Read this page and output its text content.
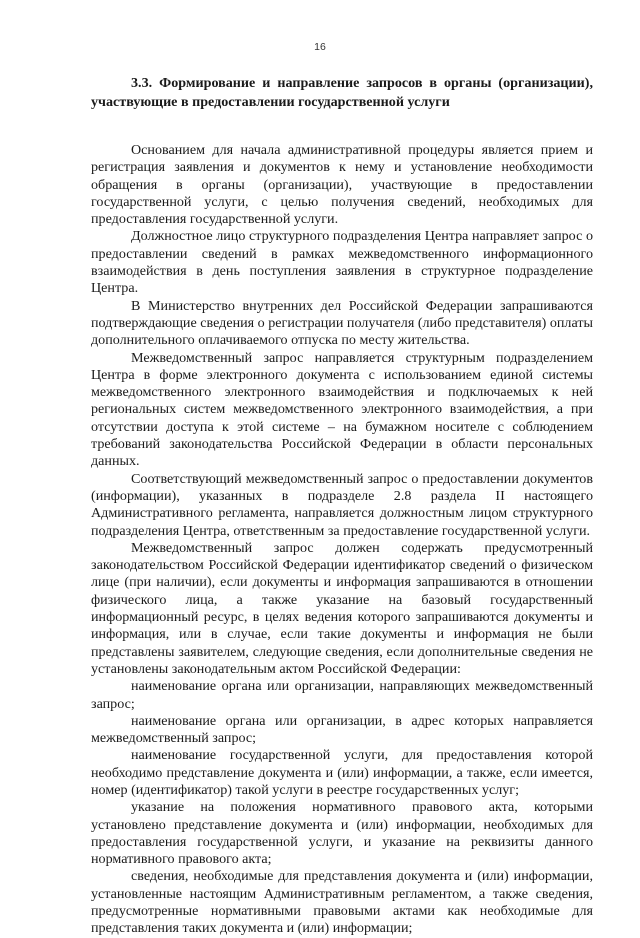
16

3.3. Формирование и направление запросов в органы (организации), участвующие в предоставлении государственной услуги

Основанием для начала административной процедуры является прием и регистрация заявления и документов к нему и установление необходимости обращения в органы (организации), участвующие в предоставлении государственной услуги, с целью получения сведений, необходимых для предоставления государственной услуги.

Должностное лицо структурного подразделения Центра направляет запрос о предоставлении сведений в рамках межведомственного информационного взаимодействия в день поступления заявления в структурное подразделение Центра.

В Министерство внутренних дел Российской Федерации запрашиваются подтверждающие сведения о регистрации получателя (либо представителя) оплаты дополнительного оплачиваемого отпуска по месту жительства.

Межведомственный запрос направляется структурным подразделением Центра в форме электронного документа с использованием единой системы межведомственного электронного взаимодействия и подключаемых к ней региональных систем межведомственного электронного взаимодействия, а при отсутствии доступа к этой системе – на бумажном носителе с соблюдением требований законодательства Российской Федерации в области персональных данных.

Соответствующий межведомственный запрос о предоставлении документов (информации), указанных в подразделе 2.8 раздела II настоящего Административного регламента, направляется должностным лицом структурного подразделения Центра, ответственным за предоставление государственной услуги.

Межведомственный запрос должен содержать предусмотренный законодательством Российской Федерации идентификатор сведений о физическом лице (при наличии), если документы и информация запрашиваются в отношении физического лица, а также указание на базовый государственный информационный ресурс, в целях ведения которого запрашиваются документы и информация, или в случае, если такие документы и информация не были представлены заявителем, следующие сведения, если дополнительные сведения не установлены законодательным актом Российской Федерации:

наименование органа или организации, направляющих межведомственный запрос;

наименование органа или организации, в адрес которых направляется межведомственный запрос;

наименование государственной услуги, для предоставления которой необходимо представление документа и (или) информации, а также, если имеется, номер (идентификатор) такой услуги в реестре государственных услуг;

указание на положения нормативного правового акта, которыми установлено представление документа и (или) информации, необходимых для предоставления государственной услуги, и указание на реквизиты данного нормативного правового акта;

сведения, необходимые для представления документа и (или) информации, установленные настоящим Административным регламентом, а также сведения, предусмотренные нормативными правовыми актами как необходимые для представления таких документа и (или) информации;
